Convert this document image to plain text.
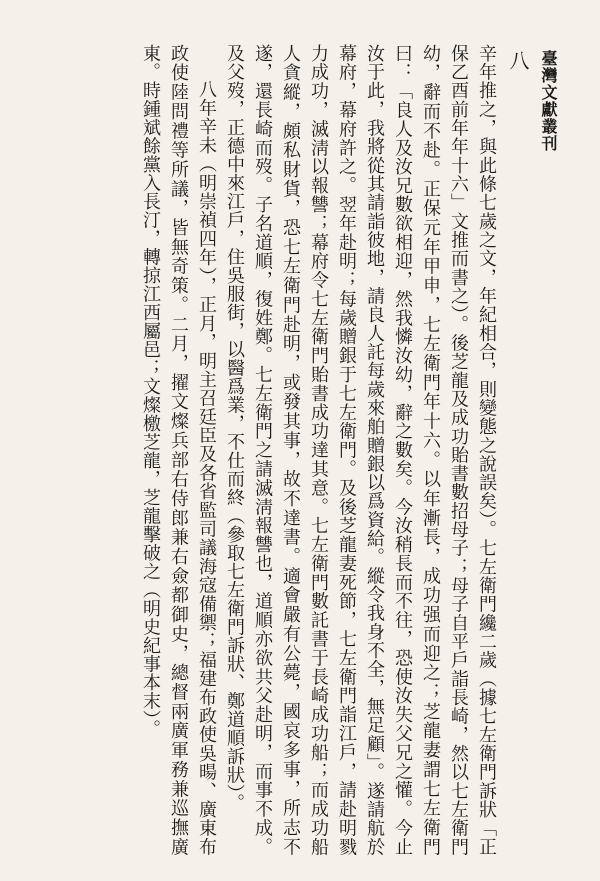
臺灣文獻叢刊
八

辛年推之，與此條七歲之文，年紀相合，則變態之說誤矣）。七左衛門纔二歲（據七左衛門訴狀「正保乙酉前年年十六」文推而書之）。後芝龍及成功貽書數招母子；母子自平戶詣長崎，然以七左衛門幼，辭而不赴。正保元年甲申，七左衛門年十六。以年漸長，成功强而迎之；芝龍妻謂七左衛門曰：「良人及汝兄數欲相迎，然我憐汝幼，辭之數矣。今汝稍長而不往，恐使汝失父兄之懽。今止汝于此，我將從其請詣彼地，請良人託每歲來舶贈銀以爲資給。縱令我身不全，無足顧」。遂請航於幕府，幕府許之。翌年赴明；每歲贈銀于七左衛門。及後芝龍妻死節，七左衛門詣江戶，請赴明戮力成功，滅淸以報讐；幕府令七左衛門貽書成功達其意。七左衛門數託書于長崎成功船；而成功船人貪縱，頗私財貨，恐七左衛門赴明，或發其事，故不達書。適會嚴有公薨，國哀多事，所志不遂，還長崎而歿。子名道順，復姓鄭。七左衛門之請滅淸報讐也，道順亦欲共父赴明，而事不成。及父歿，正德中來江戶，住吳服街，以醫爲業，不仕而終（參取七左衛門訴狀、鄭道順訴狀）。

八年辛未（明崇禎四年），正月，明主召廷臣及各省監司議海寇備禦；福建布政使吳暘、廣東布政使陸問禮等所議，皆無奇策。二月，擢文燦兵部右侍郎兼右僉都御史，總督兩廣軍務兼巡撫廣東。時鍾斌餘黨入長汀，轉掠江西屬邑；文燦檄芝龍，芝龍擊破之（明史紀事本末）。
